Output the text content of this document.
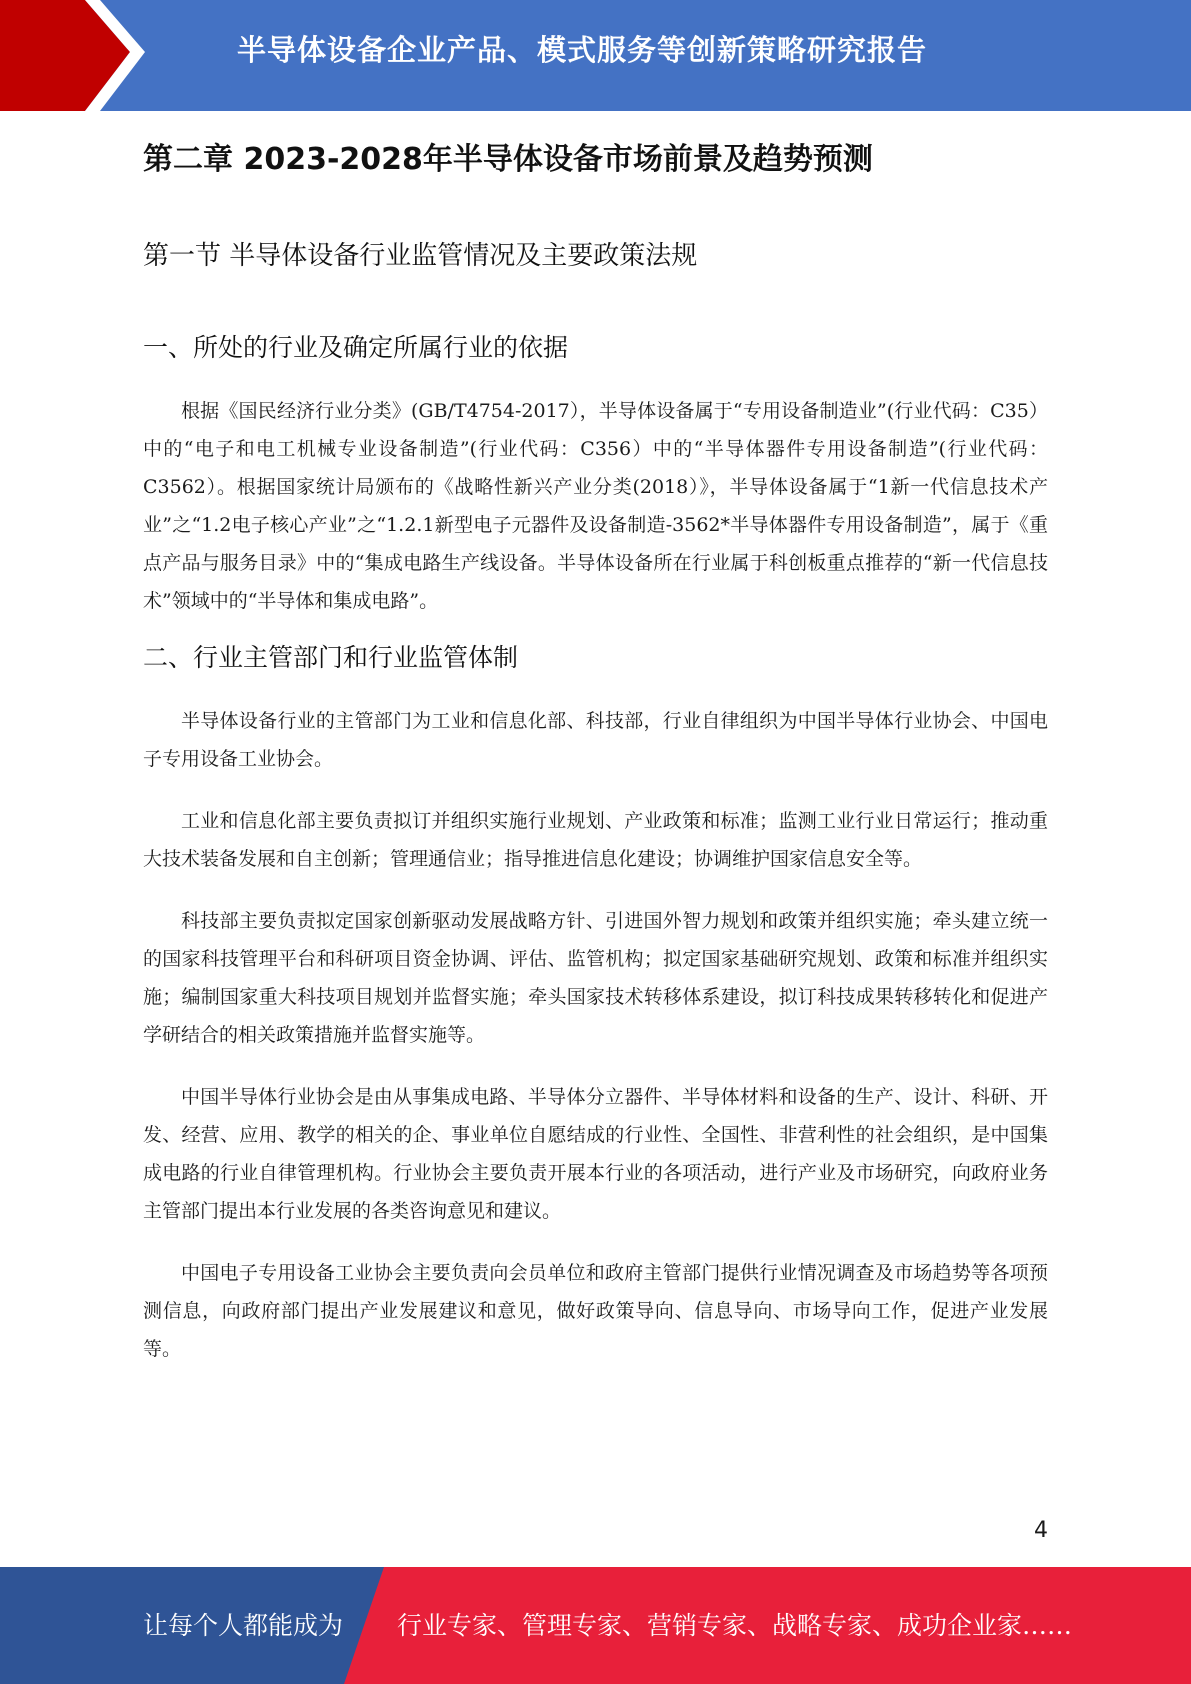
半导体设备企业产品、模式服务等创新策略研究报告
第二章 2023-2028年半导体设备市场前景及趋势预测
第一节 半导体设备行业监管情况及主要政策法规
一、所处的行业及确定所属行业的依据

根据《国民经济行业分类》(GB/T4754-2017），半导体设备属于“专用设备制造业”(行业代码：C35）中的“电子和电工机械专业设备制造”(行业代码：C356）中的“半导体器件专用设备制造”(行业代码：C3562）。根据国家统计局颁布的《战略性新兴产业分类(2018）》，半导体设备属于“1新一代信息技术产业”之“1.2电子核心产业”之“1.2.1新型电子元器件及设备制造-3562*半导体器件专用设备制造”，属于《重点产品与服务目录》中的“集成电路生产线设备。半导体设备所在行业属于科创板重点推荐的“新一代信息技术”领域中的“半导体和集成电路”。

二、行业主管部门和行业监管体制

半导体设备行业的主管部门为工业和信息化部、科技部，行业自律组织为中国半导体行业协会、中国电子专用设备工业协会。

工业和信息化部主要负责拟订并组织实施行业规划、产业政策和标准；监测工业行业日常运行；推动重大技术装备发展和自主创新；管理通信业；指导推进信息化建设；协调维护国家信息安全等。

科技部主要负责拟定国家创新驱动发展战略方针、引进国外智力规划和政策并组织实施；牵头建立统一的国家科技管理平台和科研项目资金协调、评估、监管机构；拟定国家基础研究规划、政策和标准并组织实施；编制国家重大科技项目规划并监督实施；牵头国家技术转移体系建设，拟订科技成果转移转化和促进产学研结合的相关政策措施并监督实施等。

中国半导体行业协会是由从事集成电路、半导体分立器件、半导体材料和设备的生产、设计、科研、开发、经营、应用、教学的相关的企、事业单位自愿结成的行业性、全国性、非营利性的社会组织，是中国集成电路的行业自律管理机构。行业协会主要负责开展本行业的各项活动，进行产业及市场研究，向政府业务主管部门提出本行业发展的各类咨询意见和建议。

中国电子专用设备工业协会主要负责向会员单位和政府主管部门提供行业情况调查及市场趋势等各项预测信息，向政府部门提出产业发展建议和意见，做好政策导向、信息导向、市场导向工作，促进产业发展等。

4
让每个人都能成为 行业专家、管理专家、营销专家、战略专家、成功企业家……
